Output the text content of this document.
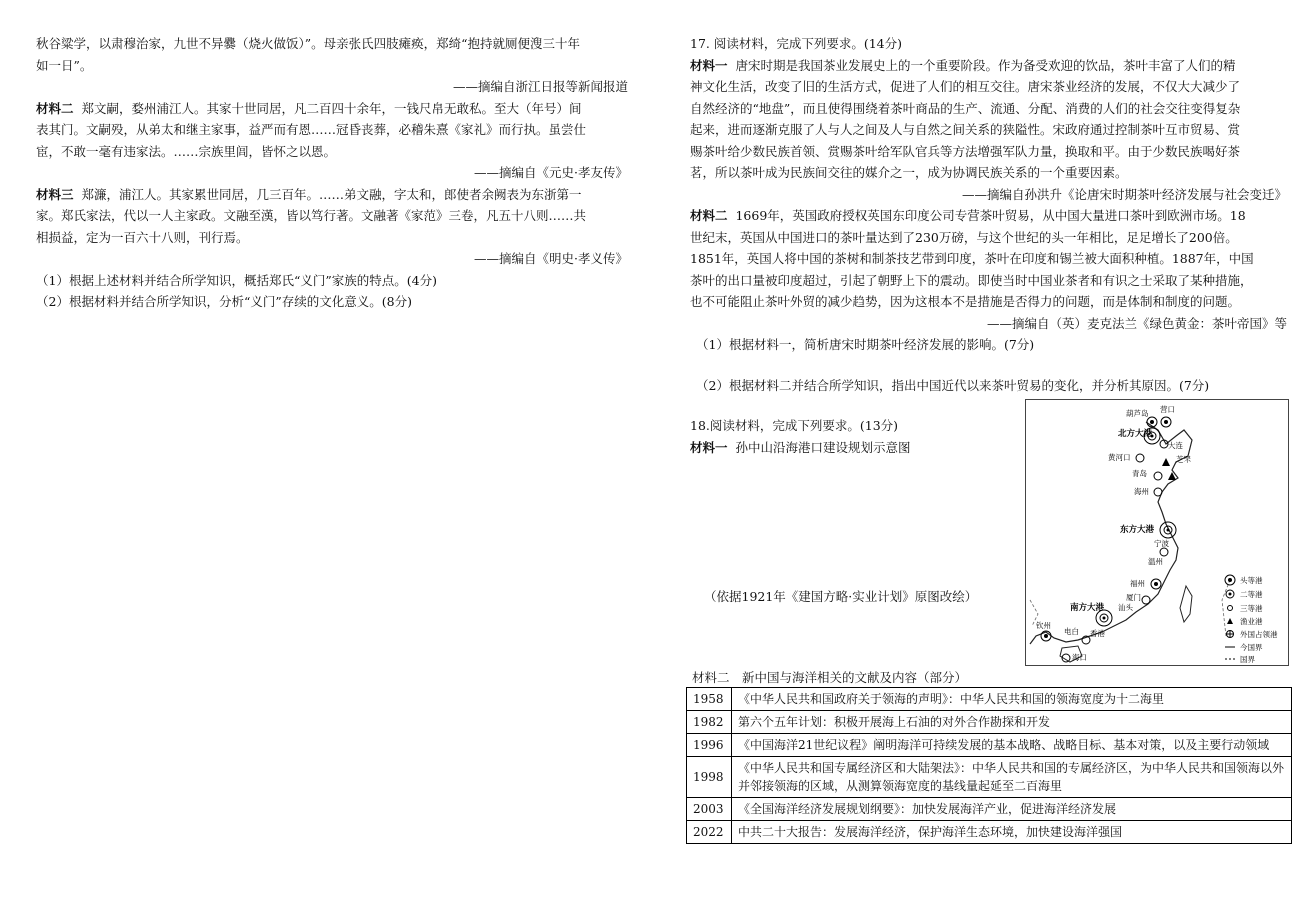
秋谷粱学，以肃穆治家，九世不异爨（烧火做饭）”。母亲张氏四肢瘫痪，郑绮“抱持就厕便溲三十年

如一日”。

——摘编自浙江日报等新闻报道

材料二 郑文嗣，婺州浦江人。其家十世同居，凡二百四十余年，一钱尺帛无敢私。至大（年号）间

表其门。文嗣殁，从弟太和继主家事，益严而有恩……冠昏丧葬，必稽朱熹《家礼》而行执。虽尝仕

宦，不敢一毫有违家法。……宗族里闾，皆怀之以恩。

——摘编自《元史·孝友传》

材料三 郑濂，浦江人。其家累世同居，几三百年。……弟文融，字太和，郎使者余阙表为东浙第一

家。郑氏家法，代以一人主家政。文融至漢，皆以笃行著。文融著《家范》三卷，凡五十八则……共

相损益，定为一百六十八则，刊行焉。

——摘编自《明史·孝义传》

（1）根据上述材料并结合所学知识，概括郑氏“义门”家族的特点。(4分)

（2）根据材料并结合所学知识，分析“义门”存续的文化意义。(8分)

17. 阅读材料，完成下列要求。(14分)

材料一 唐宋时期是我国茶业发展史上的一个重要阶段。作为备受欢迎的饮品，茶叶丰富了人们的精

神文化生活，改变了旧的生活方式，促进了人们的相互交往。唐宋茶业经济的发展，不仅大大减少了

自然经济的“地盘”，而且使得围绕着茶叶商品的生产、流通、分配、消费的人们的社会交往变得复杂

起来，进而逐渐克服了人与人之间及人与自然之间关系的狭隘性。宋政府通过控制茶叶互市贸易、赏

赐茶叶给少数民族首领、赏赐茶叶给军队官兵等方法增强军队力量，换取和平。由于少数民族喝好茶

茗，所以茶叶成为民族间交往的媒介之一，成为协调民族关系的一个重要因素。

——摘编自孙洪升《论唐宋时期茶叶经济发展与社会变迁》

材料二 1669年，英国政府授权英国东印度公司专营茶叶贸易，从中国大量进口茶叶到欧洲市场。18

世纪末，英国从中国进口的茶叶量达到了230万磅，与这个世纪的头一年相比，足足增长了200倍。

1851年，英国人将中国的茶树和制茶技艺带到印度，茶叶在印度和锡兰被大面积种植。1887年，中国

茶叶的出口量被印度超过，引起了朝野上下的震动。即使当时中国业茶者和有识之士采取了某种措施，

也不可能阻止茶叶外贸的减少趋势，因为这根本不是措施是否得力的问题，而是体制和制度的问题。

——摘编自（英）麦克法兰《绿色黄金：茶叶帝国》等

（1）根据材料一，简析唐宋时期茶叶经济发展的影响。(7分)

（2）根据材料二并结合所学知识，指出中国近代以来茶叶贸易的变化，并分析其原因。(7分)

18.阅读材料，完成下列要求。(13分)

材料一 孙中山沿海港口建设规划示意图

（依据1921年《建国方略·实业计划》原图改绘）

葫芦岛 营口
北方大港
大连
黄河口	芝罘
青岛
海州
东方大港
宁波
温州
福州
厦门
南方大港 汕头
钦州
电白 香港
海口
头等港
二等港
三等港
渔业港
外国占领港
今国界
国界

材料二　新中国与海洋相关的文献及内容（部分）

1958	《中华人民共和国政府关于领海的声明》：中华人民共和国的领海宽度为十二海里
1982	第六个五年计划：积极开展海上石油的对外合作勘探和开发
1996	《中国海洋21世纪议程》阐明海洋可持续发展的基本战略、战略目标、基本对策，以及主要行动领域
1998	《中华人民共和国专属经济区和大陆架法》：中华人民共和国的专属经济区，为中华人民共和国领海以外并邻接领海的区域，从测算领海宽度的基线量起延至二百海里
2003	《全国海洋经济发展规划纲要》：加快发展海洋产业，促进海洋经济发展
2022	中共二十大报告：发展海洋经济，保护海洋生态环境，加快建设海洋强国
